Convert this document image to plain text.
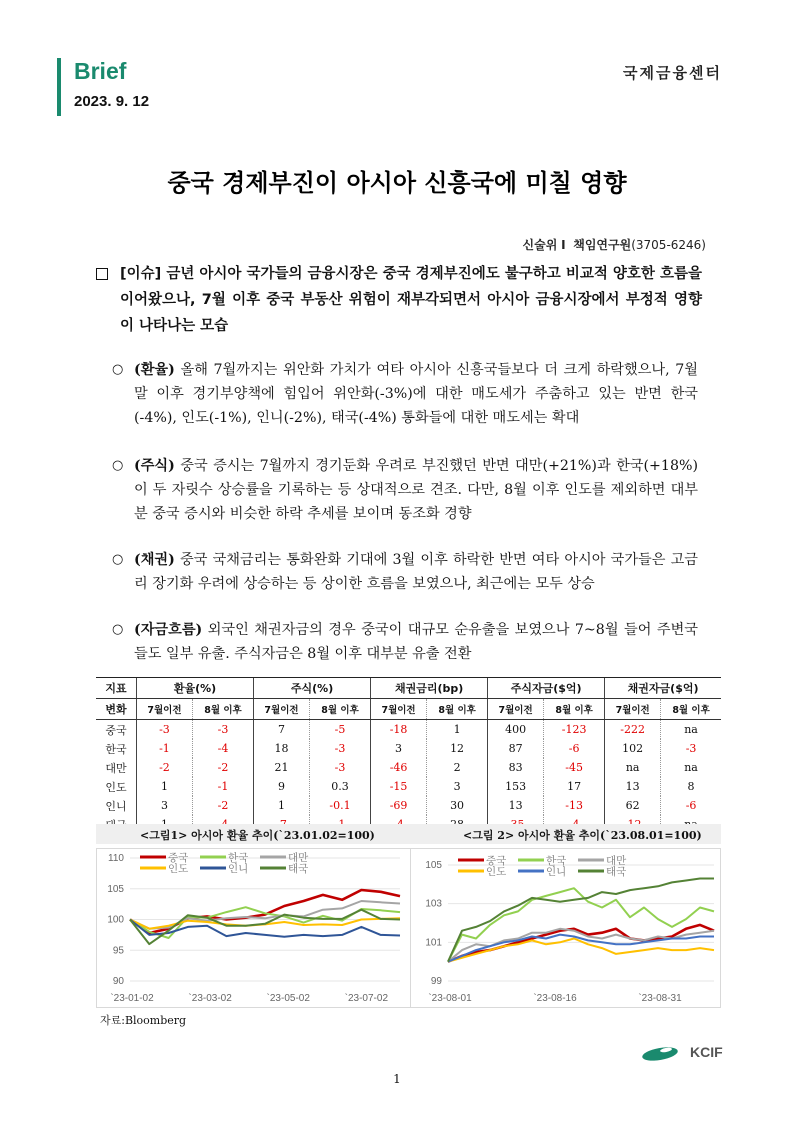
Brief
2023. 9. 12
국제금융센터
중국 경제부진이 아시아 신흥국에 미칠 영향
신술위 I 책임연구원(3705-6246)
[이슈] 금년 아시아 국가들의 금융시장은 중국 경제부진에도 불구하고 비교적 양호한 흐름을 이어왔으나, 7월 이후 중국 부동산 위험이 재부각되면서 아시아 금융시장에서 부정적 영향이 나타나는 모습
○ (환율) 올해 7월까지는 위안화 가치가 여타 아시아 신흥국들보다 더 크게 하락했으나, 7월말 이후 경기부양책에 힘입어 위안화(-3%)에 대한 매도세가 주춤하고 있는 반면 한국(-4%), 인도(-1%), 인니(-2%), 태국(-4%) 통화들에 대한 매도세는 확대
○ (주식) 중국 증시는 7월까지 경기둔화 우려로 부진했던 반면 대만(+21%)과 한국(+18%)이 두 자릿수 상승률을 기록하는 등 상대적으로 견조. 다만, 8월 이후 인도를 제외하면 대부분 중국 증시와 비슷한 하락 추세를 보이며 동조화 경향
○ (채권) 중국 국채금리는 통화완화 기대에 3월 이후 하락한 반면 여타 아시아 국가들은 고금리 장기화 우려에 상승하는 등 상이한 흐름을 보였으나, 최근에는 모두 상승
○ (자금흐름) 외국인 채권자금의 경우 중국이 대규모 순유출을 보였으나 7~8월 들어 주변국들도 일부 유출. 주식자금은 8월 이후 대부분 유출 전환
지표	환율(%)		주식(%)		채권금리(bp)		주식자금($억)		채권자금($억)	
변화	7월이전	8월 이후	7월이전	8월 이후	7월이전	8월 이후	7월이전	8월 이후	7월이전	8월 이후
중국	-3	-3	7	-5	-18	1	400	-123	-222	na
한국	-1	-4	18	-3	3	12	87	-6	102	-3
대만	-2	-2	21	-3	-46	2	83	-45	na	na
인도	1	-1	9	0.3	-15	3	153	17	13	8
인니	3	-2	1	-0.1	-69	30	13	-13	62	-6

<그림1> 아시아 환율 추이(`23.01.02=100)	<그림 2> 아시아 환율 추이(`23.08.01=100)
90
95
100
105
110
`23-01-02	`23-03-02	`23-05-02	`23-07-02
중국	한국	대만
인도	인니	태국
99
101
103
105
`23-08-01	`23-08-16	`23-08-31
중국	한국	대만
인도	인니	태국
자료:Bloomberg
KCIF
1
